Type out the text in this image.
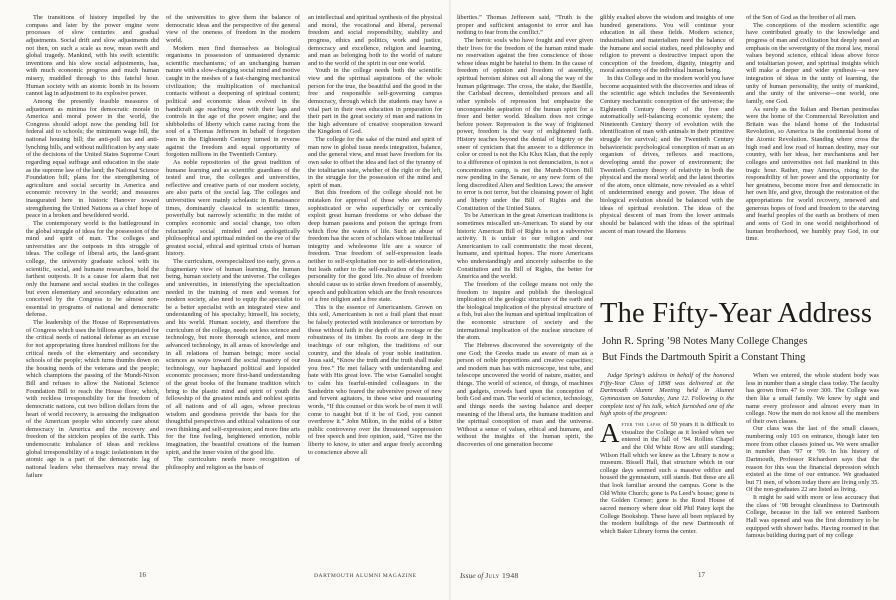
The transitions of history impelled by the compass and later by the power engine were processes of slow centuries and gradual adjustments. Social drift and slow adjustments did not then, on such a scale as now, mean swift and global tragedy. Mankind, with his swift scientific inventions and his slow social adjustments, has, with much economic progress and much human misery, muddled through to this fateful hour. Human society with an atomic bomb in its bosom cannot lag in adjustment to its explosive power.

Among the presently feasible measures of adjustment as minima for democratic morale in America and moral power in the world, the Congress should adopt now the pending bill for federal aid to schools; the minimum wage bill, the national housing bill; the anti-poll tax and anti-lynching bills, and without nullification by any state of the decisions of the United States Supreme Court regarding equal suffrage and education in the state as the supreme law of the land; the National Science Foundation bill; plans for the strengthening of agriculture and social security in America and economic recovery in the world; and measures inaugurated here in historic Hanover toward strengthening the United Nations as a chief hope of peace in a broken and bewildered world.

The contemporary world is the battleground in the global struggle of ideas for the possession of the mind and spirit of man. The colleges and universities are the outposts in this struggle of ideas. The college of liberal arts, the land-grant college, the university graduate school with its scientific, social, and humane researches, hold the farthest outposts. It is a cause for alarm that not only the humane and social studies in the colleges but even elementary and secondary education are conceived by the Congress to be almost non-essential in programs of national and democratic defense.

The leadership of the House of Representatives of Congress which uses the billions appropriated for the critical needs of national defense as an excuse for not appropriating three hundred millions for the critical needs of the elementary and secondary schools of the people; which turns thumbs down on the housing needs of the veterans and the people; which champions the passing of the Mundt-Nixon Bill and refuses to allow the National Science Foundation Bill to reach the House floor; which, with reckless irresponsibility for the freedom of democratic nations, cut two billion dollars from the heart of world recovery, is arousing the indignation of the American people who sincerely care about democracy in America and the recovery and freedom of the stricken peoples of the earth. This undemocratic imbalance of ideas and reckless global irresponsibility of a tragic isolationism in the atomic age is a part of the democratic lag of national leaders who themselves may reveal the failure

of the universities to give them the balance of democratic ideas and the perspective of the general view of the oneness of freedom in the modern world.

Modern men find themselves as biological organisms in possession of unmastered dynamic scientific mechanisms; of an unchanging human nature with a slow-changing social mind and motive caught in the meshes of a fast-changing mechanical civilization; the multiplication of mechanical contacts without a deepening of spiritual content; political and economic ideas evolved in the handicraft age reaching over with their lags and controls in the age of the power engine; and the shibboleths of liberty which came racing from the soul of a Thomas Jefferson in behalf of forgotten men in the Eighteenth Century turned in reverse against the freedom and equal opportunity of forgotten millions in the Twentieth Century.

As noble repositories of the great tradition of humane learning and as scientific guardians of the tested and true, the colleges and universities, reflective and creative parts of our modern society, are also parts of the social lag. The colleges and universities were mainly scholastic in Renaissance times, dominantly classical in scientific times, powerfully but narrowly scientific in the midst of complex economic and social change, too often reluctantly social minded and apologetically philosophical and spiritual minded on the eve of the greatest social, ethical and spiritual crisis of human history.

The curriculum, overspecialized too early, gives a fragmentary view of human learning, the human being, human society and the universe. The colleges and universities, in intensifying the specialization needed in the training of men and women for modern society, also need to equip the specialist to be a better specialist with an integrated view and understanding of his specialty; himself, his society, and his world. Human society, and therefore the curriculum of the college, needs not less science and technology, but more thorough science, and more advanced technology, in all areas of knowledge and in all relations of human beings; more social sciences as ways toward the social mastery of our technology, our haphazard political and lopsided economic processes; more first-hand understanding of the great books of the humane tradition which bring to the plastic mind and spirit of youth the fellowship of the greatest minds and noblest spirits of all nations and of all ages, whose precious wisdom and goodness provide the basis for the thoughtful perspectives and ethical valuations of our own thinking and self-expression; and more fine arts for the fine feeling, heightened emotion, noble imagination, the beautiful creations of the human spirit, and the inner vision of the good life.

The curriculum needs more recognition of philosophy and religion as the basis of

an intellectual and spiritual synthesis of the physical and moral, the vocational and liberal, personal freedom and social responsibility, stability and progress, ethics and politics, work and justice, democracy and excellence, religion and learning, and man as belonging both to the world of nature and to the world of the spirit in our one world.

Youth in the college needs both the scientific view and the spiritual aspirations of the whole person for the true, the beautiful and the good in the free and responsible self-governing campus democracy, through which the students may have a vital part in their own education in preparation for their part in the great society of man and nations in the high adventure of creative cooperation toward the Kingdom of God.

The college for the sake of the mind and spirit of man now in global issue needs integration, balance, and the general view, and must have freedom for its own sake to offset the idea and fact of the tyranny of the totalitarian state, whether of the right or the left, in the struggle for the possession of the mind and spirit of man.

But this freedom of the college should not be mistaken for approval of those who are merely sophisticated or who superficially or cynically exploit great human freedoms or who debase the deep human passions and poison the springs from which flow the waters of life. Such an abuse of freedom has the scorn of scholars whose intellectual integrity and wholesome life are a source of freedom. True freedom of self-expression leads neither to self-exploitation nor to self-deterioration, but leads rather to the self-realization of the whole personality for the good life. No abuse of freedom should cause us to strike down freedom of assembly, speech and publication which are the fresh resources of a free religion and a free state.

This is the essence of Americanism. Grown on this soil, Americanism is not a frail plant that must be falsely protected with intolerance or terrorism by those without faith in the depth of its rootage or the robustness of its timber. Its roots are deep in the teachings of our religion, the traditions of our country, and the ideals of your noble institution. Jesus said, “Know the truth and the truth shall make you free.” He met fallacy with understanding and hate with His great love. The wise Gamaliel sought to calm his fearful-minded colleagues in the Sanhedrin who feared the subversive power of new and fervent agitators, in these wise and reassuring words, “If this counsel or this work be of men it will come to naught but if it be of God, you cannot overthrow it.” John Milton, in the midst of a bitter public controversy over the threatened suppression of free speech and free opinion, said, “Give me the liberty to know, to utter and argue freely according to conscience above all

liberties.” Thomas Jefferson said, “Truth is the proper and sufficient antagonist to error and has nothing to fear from the conflict.”

The heroic souls who have fought and ever given their lives for the freedom of the human mind made no reservation against the free conscience of those whose ideas might be hateful to them. In the cause of freedom of opinion and freedom of assembly, spiritual heroism shines out all along the way of the human pilgrimage. The cross, the stake, the Bastille, the Carlsbad decrees, demolished presses and all other symbols of repression but emphasize the unconquerable aspiration of the human spirit for a freer and better world. Idealism does not cringe before power. Repression is the way of frightened power, freedom is the way of enlightened faith. History teaches beyond the denial of bigotry or the sneer of cynicism that the answer to a difference in color or creed is not the Klu Klux Klan, that the reply to a difference of opinion is not denunciation, is not a concentration camp, is not the Mundt-Nixon Bill now pending in the Senate, or any new form of the long discredited Alien and Sedition Laws; the answer to error is not terror, but the cleansing power of light and liberty under the Bill of Rights and the Constitution of the United States.

To be American in the great American traditions is sometimes miscalled un-American. To stand by our historic American Bill of Rights is not a subversive activity. It is unfair to our religion and our Americanism to call communistic the most decent, humane, and spiritual hopes. The more Americans who understandingly and sincerely subscribe to the Constitution and its Bill of Rights, the better for America and the world.

The freedom of the college means not only the freedom to inquire and publish the theological implication of the geologic structure of the earth and the biological implication of the physical structure of a fish, but also the human and spiritual implication of the economic structure of society and the international implication of the nuclear structure of the atom.

The Hebrews discovered the sovereignty of the one God; the Greeks made us aware of man as a person of noble proportions and creative capacities; and modern man has with microscope, test tube, and telescope uncovered the world of nature, matter, and things. The world of science, of things, of machines and gadgets, crowds hard upon the conception of both God and man. The world of science, technology, and things needs the saving balance and deeper meaning of the liberal arts, the humane tradition and the spiritual conception of man and the universe. Without a sense of values, ethical and humane, and without the insights of the human spirit, the discoveries of one generation become

glibly exalted above the wisdom and insights of one hundred generations. You will continue your education in all these fields. Modern science, industrialism and materialism need the balance of the humane and social studies, need philosophy and religion to prevent a destructive impact upon the conception of the freedom, dignity, integrity and moral autonomy of the individual human being.

In this College and in the modern world you have become acquainted with the discoveries and ideas of the scientific age which includes the Seventeenth Century mechanistic conception of the universe; the Eighteenth Century theory of the free and automatically self-balancing economic system; the Nineteenth Century theory of evolution with the identification of man with animals in their primitive struggle for survival; and the Twentieth Century behavioristic psychological conception of man as an organism of drives, reflexes and reactions, developing amid the power of environment; the Twentieth Century theory of relativity in both the physical and the moral world; and the latest theories of the atom, once ultimate, now revealed as a whirl of undetermined energy and power. The ideas of biological evolution should be balanced with the ideas of spiritual evolution. The ideas of the physical descent of man from the lower animals should be balanced with the ideas of the spiritual ascent of man toward the likeness

of the Son of God as the brother of all men.

The conceptions of the modern scientific age have contributed greatly to the knowledge and progress of man and civilization but deeply need an emphasis on the sovereignty of the moral law, moral values beyond science, ethical ideas above force and totalitarian power, and spiritual insights which will make a deeper and wider synthesis—a new integration of ideas in the unity of learning, the unity of human personality, the unity of mankind, and the unity of the universe—one world, one family, one God.

As surely as the Italian and Iberian peninsulas were the home of the Commercial Revolution and Britain was the island home of the Industrial Revolution, so America is the continental home of the Atomic Revolution. Standing where cross the high road and low road of human destiny, may our country, with her ideas, her mechanisms and her colleges and universities not fail mankind in this tragic hour. Rather, may America, rising to the responsibility of her power and the opportunity for her greatness, become more free and democratic in her own life, and give, through the restoration of the appropriations for world recovery, renewed and generous hopes of food and freedom to the starving and fearful peoples of the earth as brothers of men and sons of God in one world neighborhood of human brotherhood, we humbly pray God, in our time.

The Fifty-Year Address
John R. Spring ’98 Notes Many College Changes
But Finds the Dartmouth Spirit a Constant Thing
Judge Spring’s address in behalf of the honored Fifty-Year Class of 1898 was delivered at the Dartmouth Alumni Meeting held in Alumni Gymnasium on Saturday, June 12. Following is the complete text of his talk, which furnished one of the high spots of the program:
After the lapse of 50 years it is difficult to visualize the College as it looked when we entered in the fall of ’94. Rollins Chapel and the Old White Row are still standing; Wilson Hall which we knew as the Library is now a museum. Bissell Hall, that structure which in our college days seemed such a massive edifice and housed the gymnasium, still stands. But these are all that look familiar around the campus. Gone is the Old White Church; gone is Pa Leed’s house; gone is the Golden Corner; gone is the Rood House of sacred memory where dear old Phil Patey kept the College Bookshop. These have all been replaced by the modern buildings of the new Dartmouth of which Baker Library forms the center.

When we entered, the whole student body was less in number than a single class today. The faculty has grown from 47 to over 300. The College was then like a small family. We knew by sight and name every professor and almost every man in college. Now the men do not know all the members of their own classes.

Our class was the last of the small classes, numbering only 103 on entrance, though later ten more from other classes joined us. We were smaller in number than ’97 or ’99. In his history of Dartmouth, Professor Richardson says that the reason for this was the financial depression which existed at the time of our entrance. We graduated but 71 men, of whom today there are living only 35. Of the non-graduates 22 are listed as living.

It might be said with more or less accuracy that the class of ’98 brought cleanliness to Dartmouth College, because in the fall we entered Sanborn Hall was opened and was the first dormitory to be equipped with shower baths. Having roomed in that famous building during part of my college

16	DARTMOUTH ALUMNI MAGAZINE	Issue of July 1948	17
